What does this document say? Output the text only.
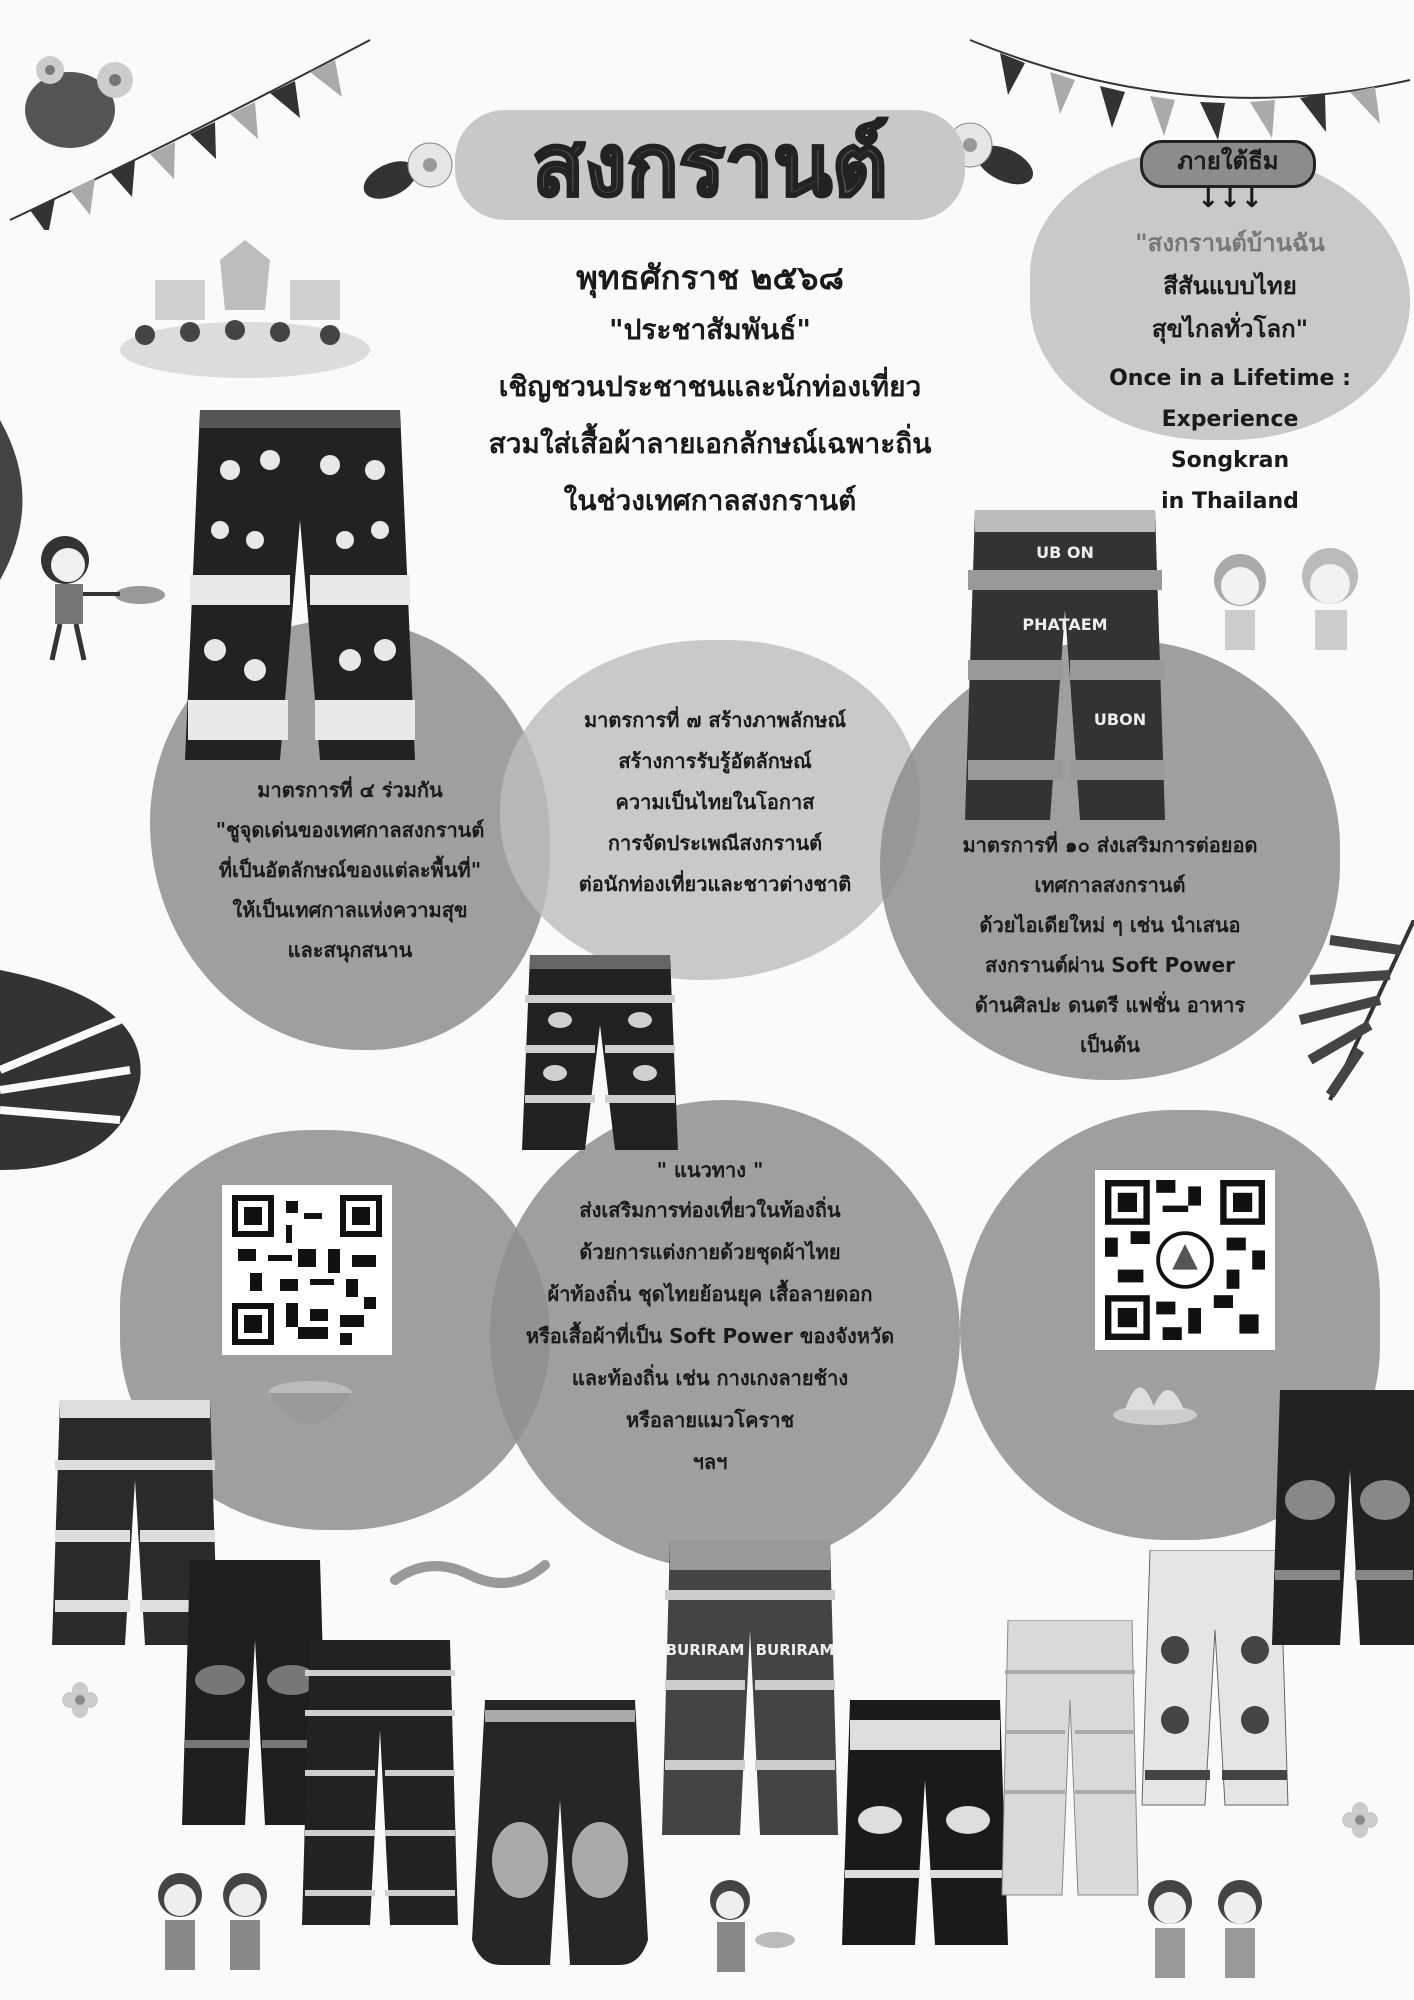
สงกรานต์
พุทธศักราช ๒๕๖๘
"ประชาสัมพันธ์"
เชิญชวนประชาชนและนักท่องเที่ยว
สวมใส่เสื้อผ้าลายเอกลักษณ์เฉพาะถิ่น
ในช่วงเทศกาลสงกรานต์
ภายใต้ธีม
↓↓↓
"สงกรานต์บ้านฉัน
สีสันแบบไทย
สุขไกลทั่วโลก"
Once in a Lifetime :
Experience
Songkran
in Thailand
UB ON
PHATAEM
UBON
มาตรการที่ ๔ ร่วมกัน
"ชูจุดเด่นของเทศกาลสงกรานต์
ที่เป็นอัตลักษณ์ของแต่ละพื้นที่"
ให้เป็นเทศกาลแห่งความสุข
และสนุกสนาน
มาตรการที่ ๗ สร้างภาพลักษณ์
สร้างการรับรู้อัตลักษณ์
ความเป็นไทยในโอกาส
การจัดประเพณีสงกรานต์
ต่อนักท่องเที่ยวและชาวต่างชาติ
มาตรการที่ ๑๐ ส่งเสริมการต่อยอด
เทศกาลสงกรานต์
ด้วยไอเดียใหม่ ๆ เช่น นำเสนอ
สงกรานต์ผ่าน Soft Power
ด้านศิลปะ ดนตรี แฟชั่น อาหาร
เป็นต้น
" แนวทาง "
ส่งเสริมการท่องเที่ยวในท้องถิ่น
ด้วยการแต่งกายด้วยชุดผ้าไทย
ผ้าท้องถิ่น ชุดไทยย้อนยุค เสื้อลายดอก
หรือเสื้อผ้าที่เป็น Soft Power ของจังหวัด
และท้องถิ่น เช่น กางเกงลายช้าง
หรือลายแมวโคราช
ฯลฯ
BURIRAM BURIRAM
